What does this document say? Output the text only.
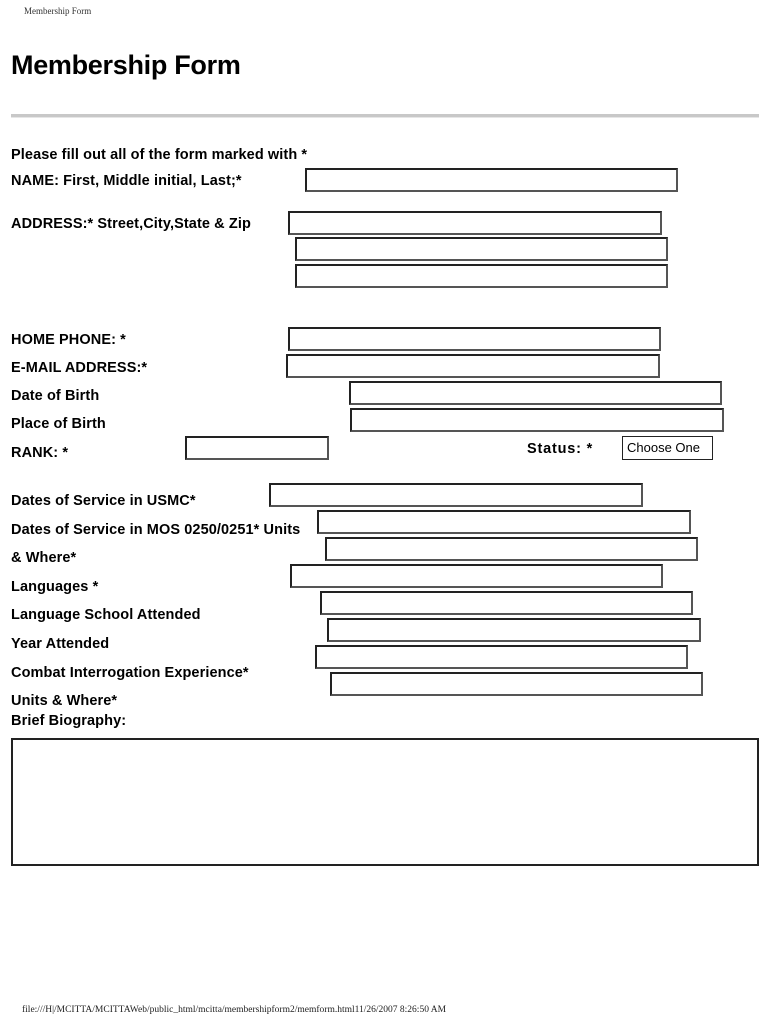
Membership Form
Membership Form
Please fill out all of the form marked with *
NAME: First, Middle initial, Last;*
ADDRESS:* Street,City,State & Zip
HOME PHONE: *
E-MAIL ADDRESS:*
Date of Birth
Place of Birth
RANK: *	Status: *	Choose One
Dates of Service in USMC*
Dates of Service in MOS 0250/0251* Units
& Where*
Languages *
Language School Attended
Year Attended
Combat Interrogation Experience*
Units & Where*
Brief Biography:
file:///H|/MCITTA/MCITTAWeb/public_html/mcitta/membershipform2/memform.html11/26/2007 8:26:50 AM
